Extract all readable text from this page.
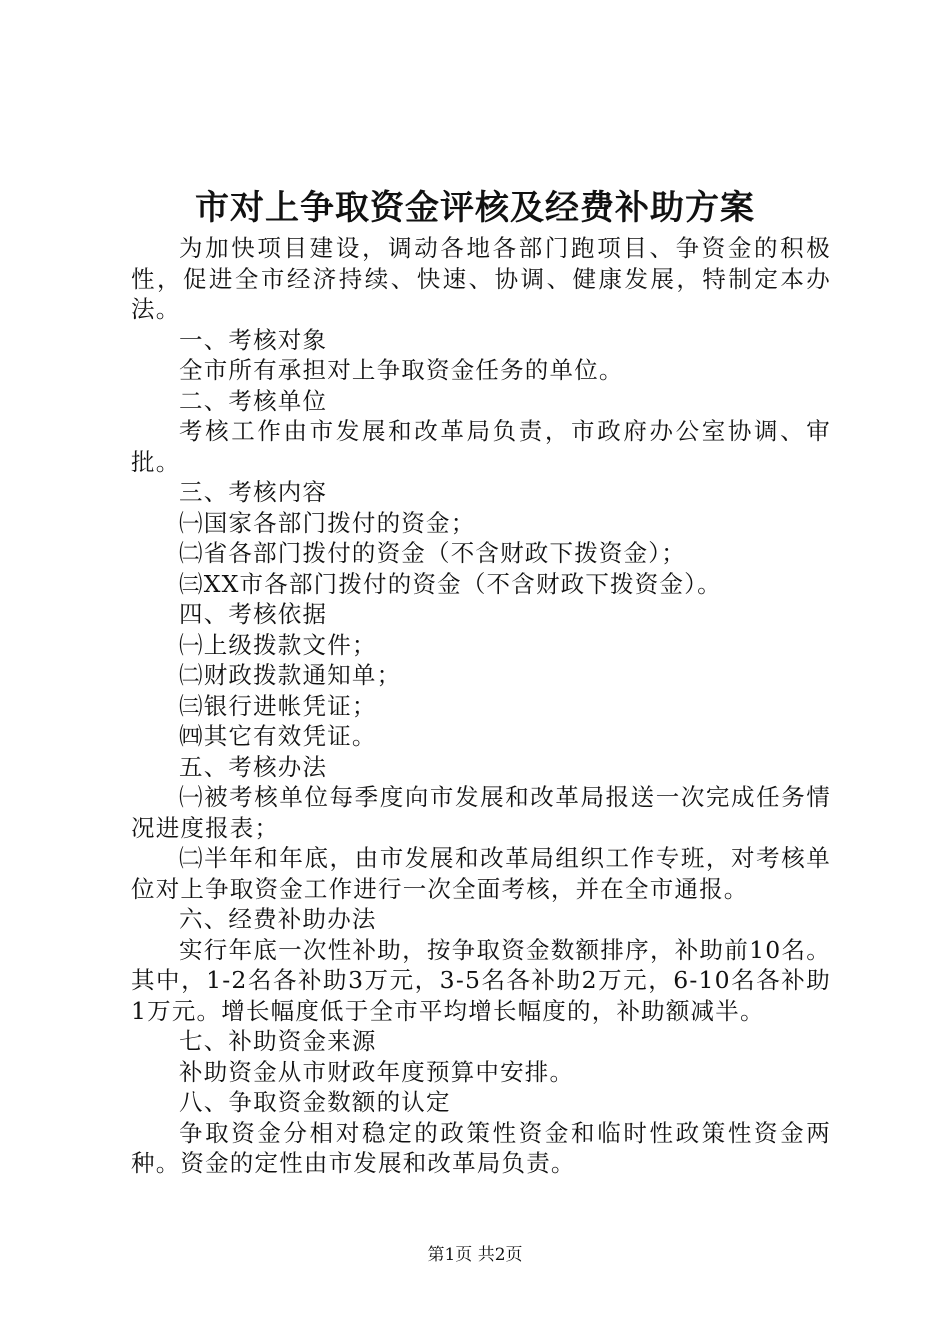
市对上争取资金评核及经费补助方案

为加快项目建设，调动各地各部门跑项目、争资金的积极性，促进全市经济持续、快速、协调、健康发展，特制定本办法。

一、考核对象

全市所有承担对上争取资金任务的单位。

二、考核单位

考核工作由市发展和改革局负责，市政府办公室协调、审批。

三、考核内容

㈠国家各部门拨付的资金；

㈡省各部门拨付的资金（不含财政下拨资金）；

㈢XX市各部门拨付的资金（不含财政下拨资金）。

四、考核依据

㈠上级拨款文件；

㈡财政拨款通知单；

㈢银行进帐凭证；

㈣其它有效凭证。

五、考核办法

㈠被考核单位每季度向市发展和改革局报送一次完成任务情况进度报表；

㈡半年和年底，由市发展和改革局组织工作专班，对考核单位对上争取资金工作进行一次全面考核，并在全市通报。

六、经费补助办法

实行年底一次性补助，按争取资金数额排序，补助前10名。其中，1-2名各补助3万元，3-5名各补助2万元，6-10名各补助1万元。增长幅度低于全市平均增长幅度的，补助额减半。

七、补助资金来源

补助资金从市财政年度预算中安排。

八、争取资金数额的认定

争取资金分相对稳定的政策性资金和临时性政策性资金两种。资金的定性由市发展和改革局负责。

第1页 共2页
